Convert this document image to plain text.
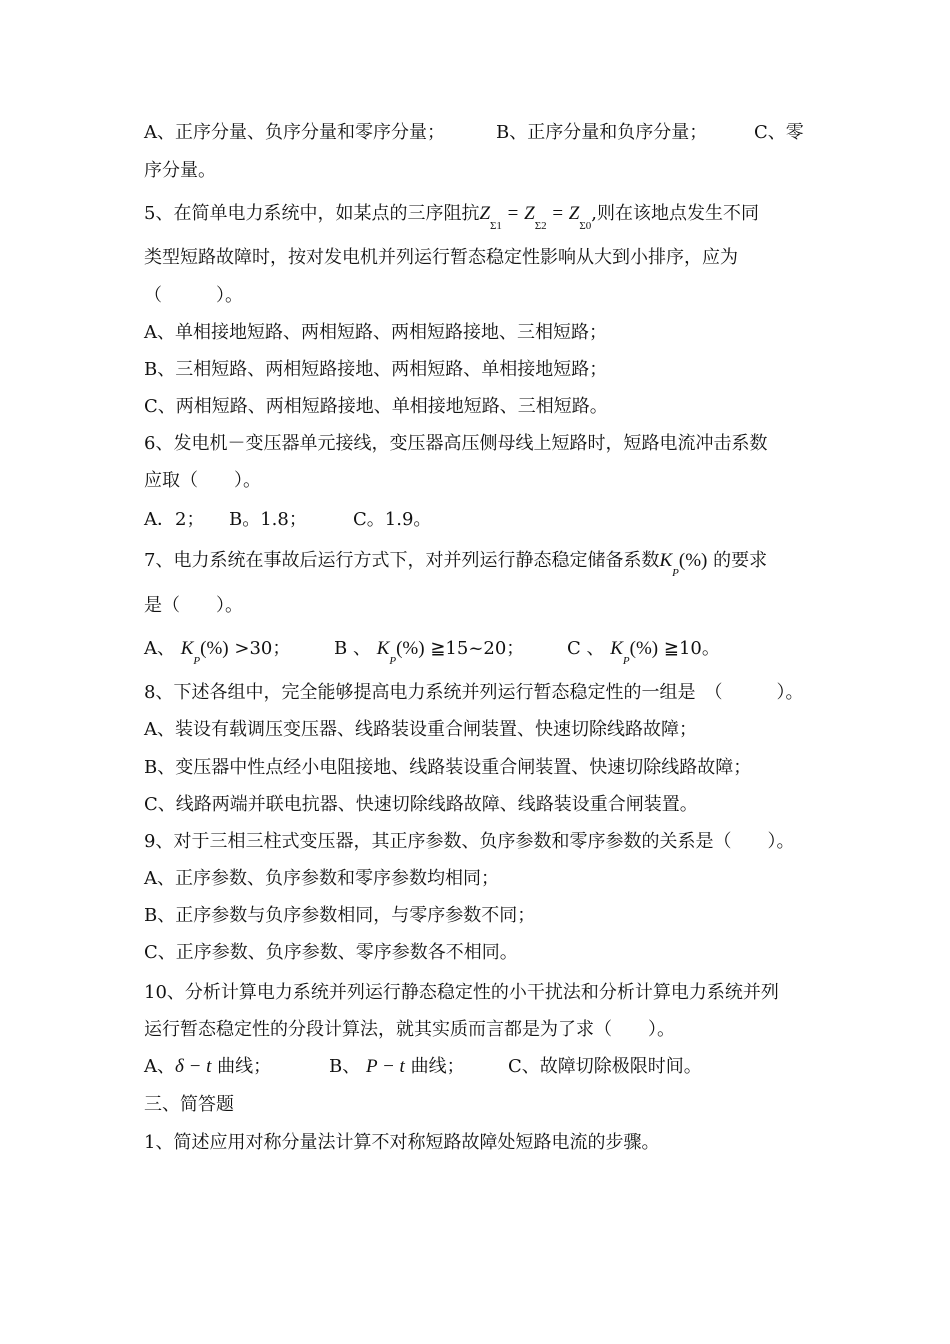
A、正序分量、负序分量和零序分量；	B、正序分量和负序分量；	C、零
序分量。
5、在简单电力系统中，如某点的三序阻抗$Z_{\Sigma 1} = Z_{\Sigma 2} = Z_{\Sigma 0}$,则在该地点发生不同
类型短路故障时，按对发电机并列运行暂态稳定性影响从大到小排序，应为
（　　　）。
A、单相接地短路、两相短路、两相短路接地、三相短路；
B、三相短路、两相短路接地、两相短路、单相接地短路；
C、两相短路、两相短路接地、单相接地短路、三相短路。
6、发电机－变压器单元接线，变压器高压侧母线上短路时，短路电流冲击系数
应取（　　）。
A．2； B。1.8；	C。1.9。
7、电力系统在事故后运行方式下，对并列运行静态稳定储备系数$K_P(\%)$ 的要求
是（　　）。
A、 $K_P(\%) >30$； B 、 $K_P(\%)$ ≧15~20； C 、 $K_P(\%)$ ≧10。
8、下述各组中，完全能够提高电力系统并列运行暂态稳定性的一组是　（　　　）。
A、装设有载调压变压器、线路装设重合闸装置、快速切除线路故障；
B、变压器中性点经小电阻接地、线路装设重合闸装置、快速切除线路故障；
C、线路两端并联电抗器、快速切除线路故障、线路装设重合闸装置。
9、对于三相三柱式变压器，其正序参数、负序参数和零序参数的关系是（　　）。
A、正序参数、负序参数和零序参数均相同；
B、正序参数与负序参数相同，与零序参数不同；
C、正序参数、负序参数、零序参数各不相同。
10、分析计算电力系统并列运行静态稳定性的小干扰法和分析计算电力系统并列
运行暂态稳定性的分段计算法，就其实质而言都是为了求（　　）。
A、δ − t 曲线；	B、 P − t 曲线； C、故障切除极限时间。
三、简答题
1、简述应用对称分量法计算不对称短路故障处短路电流的步骤。
